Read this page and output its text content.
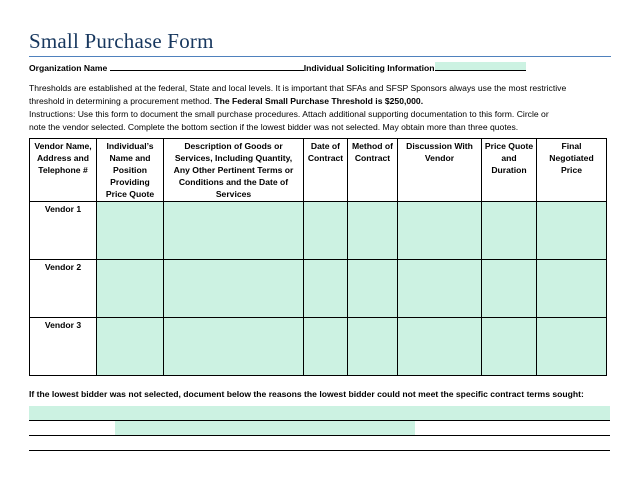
Small Purchase Form
Organization Name	Individual Soliciting Information
Thresholds are established at the federal, State and local levels. It is important that SFAs and SFSP Sponsors always use the most restrictive
threshold in determining a procurement method. The Federal Small Purchase Threshold is $250,000.
Instructions: Use this form to document the small purchase procedures. Attach additional supporting documentation to this form. Circle or
note the vendor selected. Complete the bottom section if the lowest bidder was not selected. May obtain more than three quotes.
Vendor Name, Address and Telephone #	Individual’s Name and Position Providing Price Quote	Description of Goods or Services, Including Quantity, Any Other Pertinent Terms or Conditions and the Date of Services	Date of Contract	Method of Contract	Discussion With Vendor	Price Quote and Duration	Final Negotiated Price
Vendor 1							
Vendor 2							
Vendor 3							
If the lowest bidder was not selected, document below the reasons the lowest bidder could not meet the specific contract terms sought:
